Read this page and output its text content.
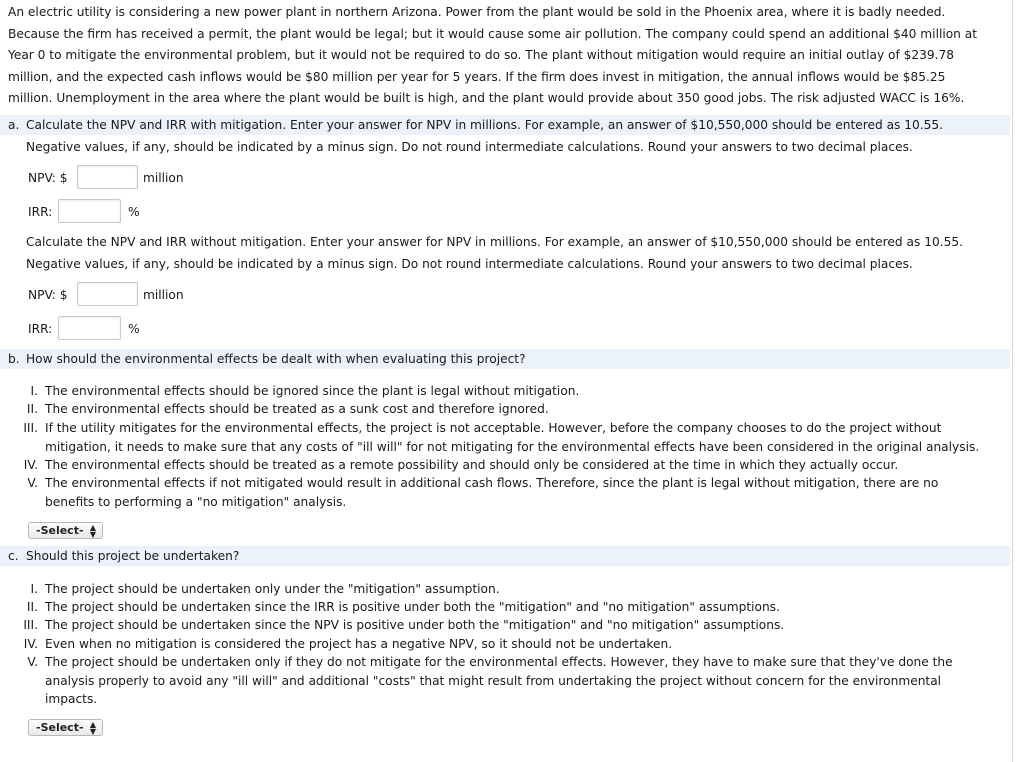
An electric utility is considering a new power plant in northern Arizona. Power from the plant would be sold in the Phoenix area, where it is badly needed.

Because the firm has received a permit, the plant would be legal; but it would cause some air pollution. The company could spend an additional $40 million at

Year 0 to mitigate the environmental problem, but it would not be required to do so. The plant without mitigation would require an initial outlay of $239.78

million, and the expected cash inflows would be $80 million per year for 5 years. If the firm does invest in mitigation, the annual inflows would be $85.25

million. Unemployment in the area where the plant would be built is high, and the plant would provide about 350 good jobs. The risk adjusted WACC is 16%.

a. Calculate the NPV and IRR with mitigation. Enter your answer for NPV in millions. For example, an answer of $10,550,000 should be entered as 10.55.
Negative values, if any, should be indicated by a minus sign. Do not round intermediate calculations. Round your answers to two decimal places.
NPV: $	million
IRR:	%
Calculate the NPV and IRR without mitigation. Enter your answer for NPV in millions. For example, an answer of $10,550,000 should be entered as 10.55.
Negative values, if any, should be indicated by a minus sign. Do not round intermediate calculations. Round your answers to two decimal places.
NPV: $	million
IRR:	%
b. How should the environmental effects be dealt with when evaluating this project?
I. The environmental effects should be ignored since the plant is legal without mitigation.
II. The environmental effects should be treated as a sunk cost and therefore ignored.
III. If the utility mitigates for the environmental effects, the project is not acceptable. However, before the company chooses to do the project without
mitigation, it needs to make sure that any costs of "ill will" for not mitigating for the environmental effects have been considered in the original analysis.
IV. The environmental effects should be treated as a remote possibility and should only be considered at the time in which they actually occur.
V. The environmental effects if not mitigated would result in additional cash flows. Therefore, since the plant is legal without mitigation, there are no
benefits to performing a "no mitigation" analysis.
-Select- ▲
▼
c. Should this project be undertaken?
I. The project should be undertaken only under the "mitigation" assumption.
II. The project should be undertaken since the IRR is positive under both the "mitigation" and "no mitigation" assumptions.
III. The project should be undertaken since the NPV is positive under both the "mitigation" and "no mitigation" assumptions.
IV. Even when no mitigation is considered the project has a negative NPV, so it should not be undertaken.
V. The project should be undertaken only if they do not mitigate for the environmental effects. However, they have to make sure that they've done the
analysis properly to avoid any "ill will" and additional "costs" that might result from undertaking the project without concern for the environmental
impacts.
-Select- ▲
▼
